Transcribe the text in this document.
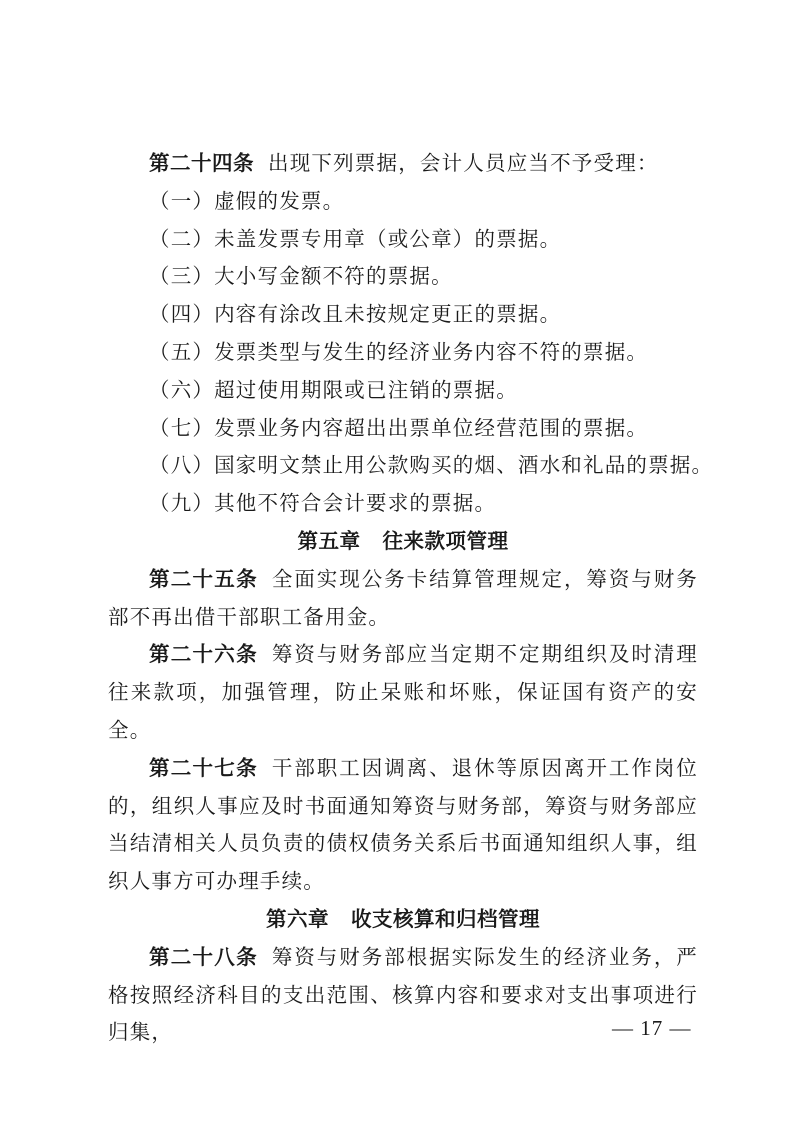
第二十四条 出现下列票据，会计人员应当不予受理：

（一）虚假的发票。

（二）未盖发票专用章（或公章）的票据。

（三）大小写金额不符的票据。

（四）内容有涂改且未按规定更正的票据。

（五）发票类型与发生的经济业务内容不符的票据。

（六）超过使用期限或已注销的票据。

（七）发票业务内容超出出票单位经营范围的票据。

（八）国家明文禁止用公款购买的烟、酒水和礼品的票据。

（九）其他不符合会计要求的票据。

第五章 往来款项管理

第二十五条 全面实现公务卡结算管理规定，筹资与财务部不再出借干部职工备用金。

第二十六条 筹资与财务部应当定期不定期组织及时清理往来款项，加强管理，防止呆账和坏账，保证国有资产的安全。

第二十七条 干部职工因调离、退休等原因离开工作岗位的，组织人事应及时书面通知筹资与财务部，筹资与财务部应当结清相关人员负责的债权债务关系后书面通知组织人事，组织人事方可办理手续。

第六章 收支核算和归档管理

第二十八条 筹资与财务部根据实际发生的经济业务，严格按照经济科目的支出范围、核算内容和要求对支出事项进行归集，	— 17 —
